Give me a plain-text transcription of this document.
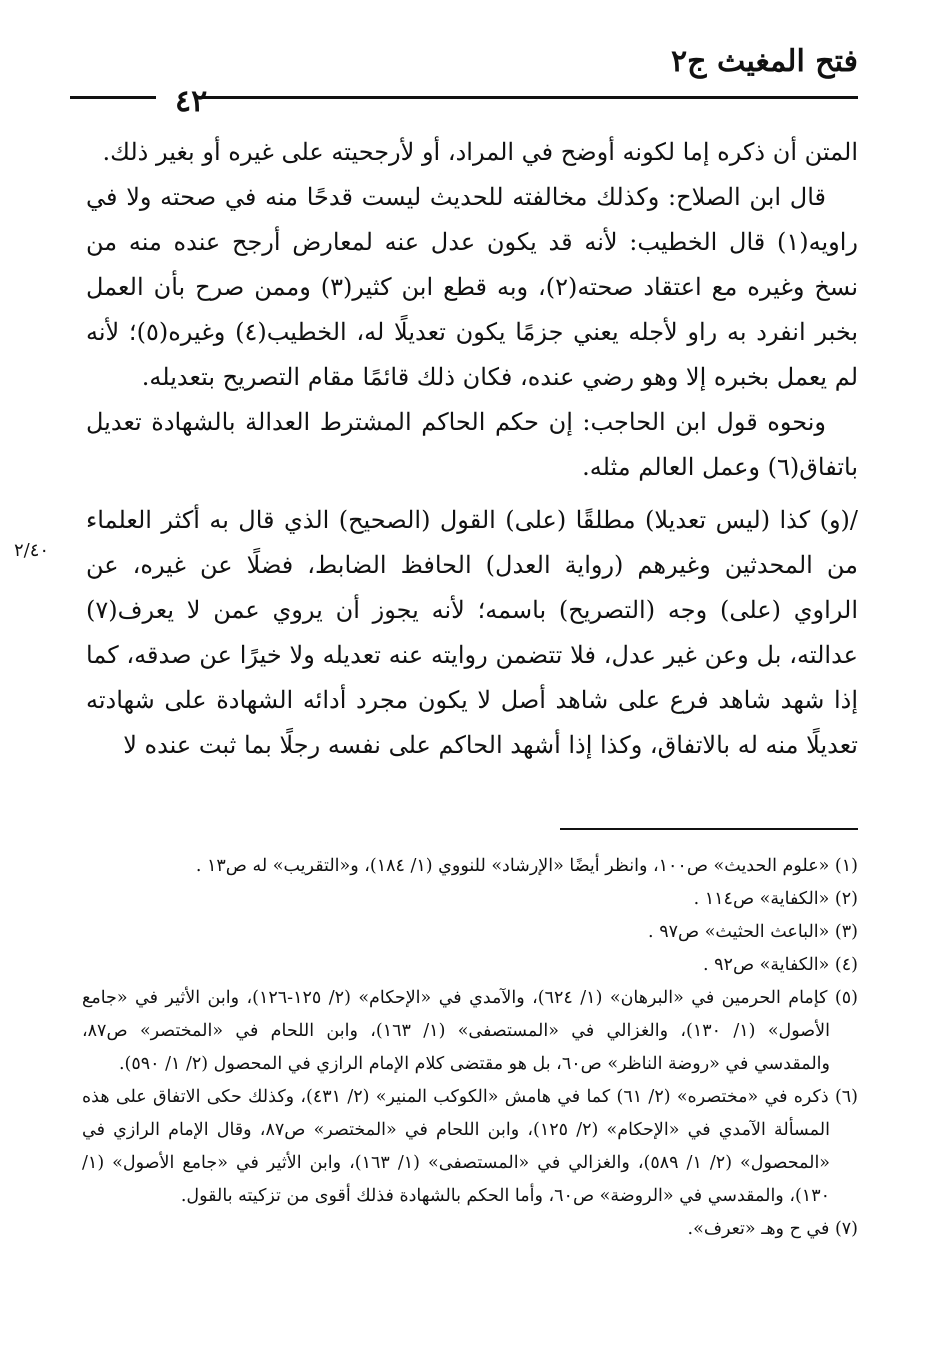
فتح المغيث ج٢
٤٢
٢/٤٠

المتن أن ذكره إما لكونه أوضح في المراد، أو لأرجحيته على غيره أو بغير ذلك.

قال ابن الصلاح: وكذلك مخالفته للحديث ليست قدحًا منه في صحته ولا في راويه(١) قال الخطيب: لأنه قد يكون عدل عنه لمعارض أرجح عنده منه من نسخ وغيره مع اعتقاد صحته(٢)، وبه قطع ابن كثير(٣) وممن صرح بأن العمل بخبر انفرد به راو لأجله يعني جزمًا يكون تعديلًا له، الخطيب(٤) وغيره(٥)؛ لأنه لم يعمل بخبره إلا وهو رضي عنده، فكان ذلك قائمًا مقام التصريح بتعديله.

ونحوه قول ابن الحاجب: إن حكم الحاكم المشترط العدالة بالشهادة تعديل باتفاق(٦) وعمل العالم مثله.

/(و) كذا (ليس تعديلا) مطلقًا (على) القول (الصحيح) الذي قال به أكثر العلماء من المحدثين وغيرهم (رواية العدل) الحافظ الضابط، فضلًا عن غيره، عن الراوي (على) وجه (التصريح) باسمه؛ لأنه يجوز أن يروي عمن لا يعرف(٧) عدالته، بل وعن غير عدل، فلا تتضمن روايته عنه تعديله ولا خيرًا عن صدقه، كما إذا شهد شاهد فرع على شاهد أصل لا يكون مجرد أدائه الشهادة على شهادته تعديلًا منه له بالاتفاق، وكذا إذا أشهد الحاكم على نفسه رجلًا بما ثبت عنده لا

(١) «علوم الحديث» ص١٠٠، وانظر أيضًا «الإرشاد» للنووي (١/ ١٨٤)، و«التقريب» له ص١٣ .

(٢) «الكفاية» ص١١٤ .

(٣) «الباعث الحثيث» ص٩٧ .

(٤) «الكفاية» ص٩٢ .

(٥) كإمام الحرمين في «البرهان» (١/ ٦٢٤)، والآمدي في «الإحكام» (٢/ ١٢٥-١٢٦)، وابن الأثير في «جامع الأصول» (١/ ١٣٠)، والغزالي في «المستصفى» (١/ ١٦٣)، وابن اللحام في «المختصر» ص٨٧، والمقدسي في «روضة الناظر» ص٦٠، بل هو مقتضى كلام الإمام الرازي في المحصول (٢/ ١/ ٥٩٠).

(٦) ذكره في «مختصره» (٢/ ٦١) كما في هامش «الكوكب المنير» (٢/ ٤٣١)، وكذلك حكى الاتفاق على هذه المسألة الآمدي في «الإحكام» (٢/ ١٢٥)، وابن اللحام في «المختصر» ص٨٧، وقال الإمام الرازي في «المحصول» (٢/ ١/ ٥٨٩)، والغزالي في «المستصفى» (١/ ١٦٣)، وابن الأثير في «جامع الأصول» (١/ ١٣٠)، والمقدسي في «الروضة» ص٦٠، وأما الحكم بالشهادة فذلك أقوى من تزكيته بالقول.

(٧) في ح وهـ «تعرف».
